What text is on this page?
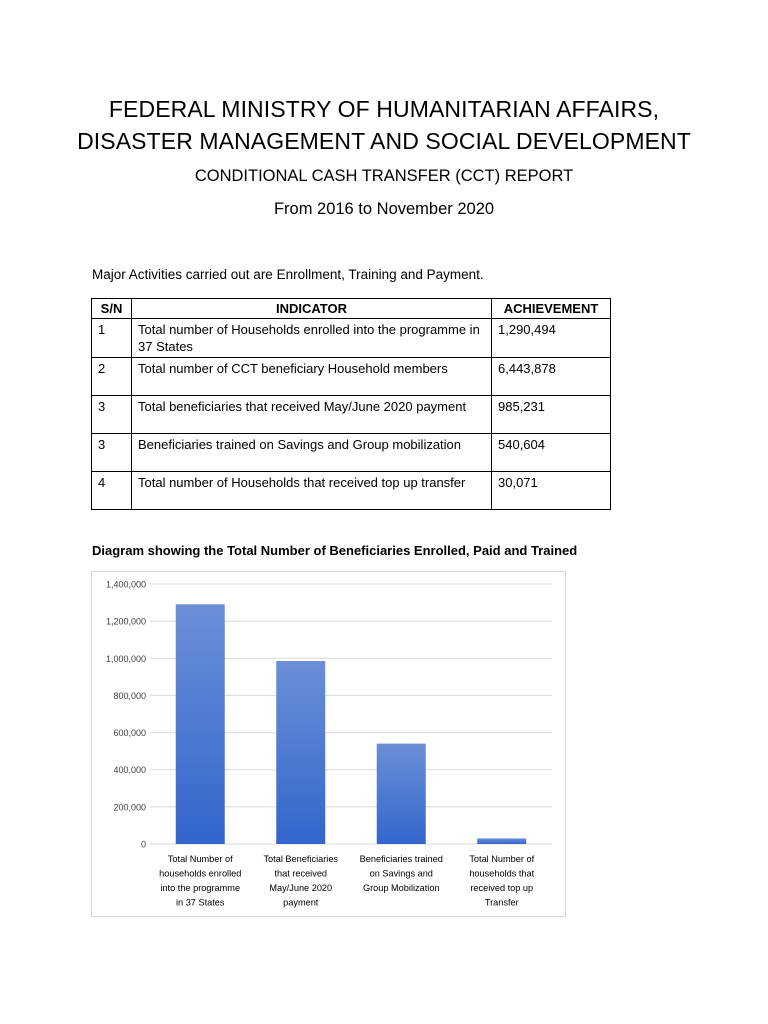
FEDERAL MINISTRY OF HUMANITARIAN AFFAIRS,
DISASTER MANAGEMENT AND SOCIAL DEVELOPMENT
CONDITIONAL CASH TRANSFER (CCT) REPORT
From 2016 to November 2020
Major Activities carried out are Enrollment, Training and Payment.
S/N	INDICATOR	ACHIEVEMENT
1	Total number of Households enrolled into the programme in 37 States	1,290,494
2	Total number of CCT beneficiary Household members	6,443,878
3	Total beneficiaries that received May/June 2020 payment	985,231
3	Beneficiaries trained on Savings and Group mobilization	540,604
4	Total number of Households that received top up transfer	30,071
Diagram showing the Total Number of Beneficiaries Enrolled, Paid and Trained
0
200,000
400,000
600,000
800,000
1,000,000
1,200,000
1,400,000
Total Number of
households enrolled
into the programme
in 37 States
Total Beneficiaries
that received
May/June 2020
payment
Beneficiaries trained
on Savings and
Group Mobilization
Total Number of
households that
received top up
Transfer
